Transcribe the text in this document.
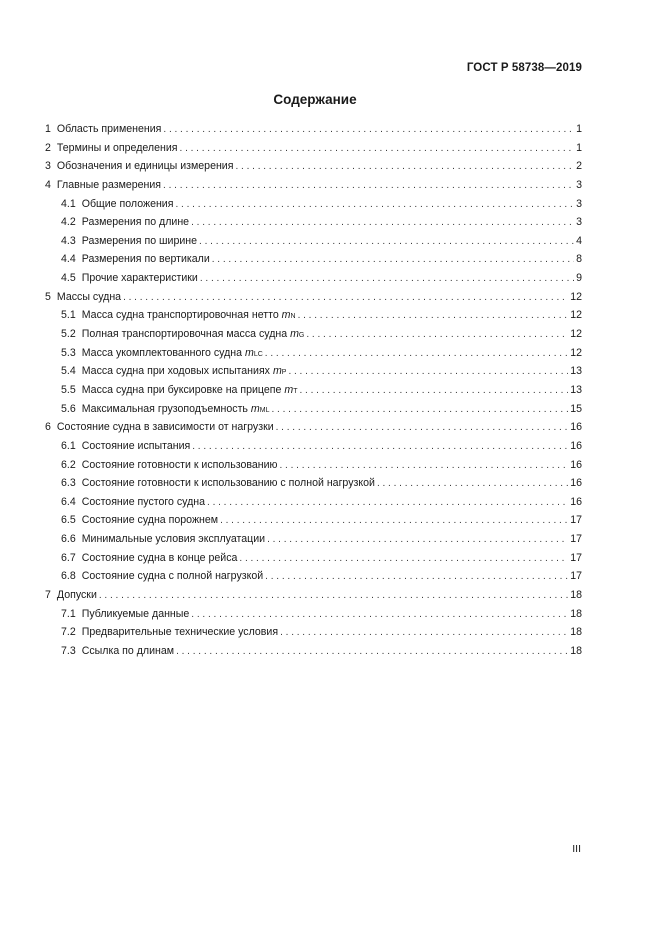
ГОСТ Р 58738—2019
Содержание
1 Область применения . . .	1
2 Термины и определения . . .	1
3 Обозначения и единицы измерения . . .	2
4 Главные размерения . . .	3
4.1 Общие положения . . .	3
4.2 Размерения по длине . . .	3
4.3 Размерения по ширине . . .	4
4.4 Размерения по вертикали . . .	8
4.5 Прочие характеристики . . .	9
5 Массы судна . . .	12
5.1 Масса судна транспортировочная нетто
m N . . .	12
5.2 Полная транспортировочная масса судна
m G . . .	12
5.3 Масса укомплектованного судна
m LC . . .	12
5.4 Масса судна при ходовых испытаниях
m P . . .	13
5.5 Масса судна при буксировке на прицепе
m T . . .	13
5.6 Максимальная грузоподъемность
m ML . . .	15
6 Состояние судна в зависимости от нагрузки . . .	16
6.1 Состояние испытания . . .	16
6.2 Состояние готовности к использованию . . .	16
6.3 Состояние готовности к использованию с полной нагрузкой . . .	16
6.4 Состояние пустого судна . . .	16
6.5 Состояние судна порожнем . . .	17
6.6 Минимальные условия эксплуатации . . .	17
6.7 Состояние судна в конце рейса . . .	17
6.8 Состояние судна с полной нагрузкой . . .	17
7 Допуски . . .	18
7.1 Публикуемые данные . . .	18
7.2 Предварительные технические условия . . .	18
7.3 Ссылка по длинам . . .	18
III
